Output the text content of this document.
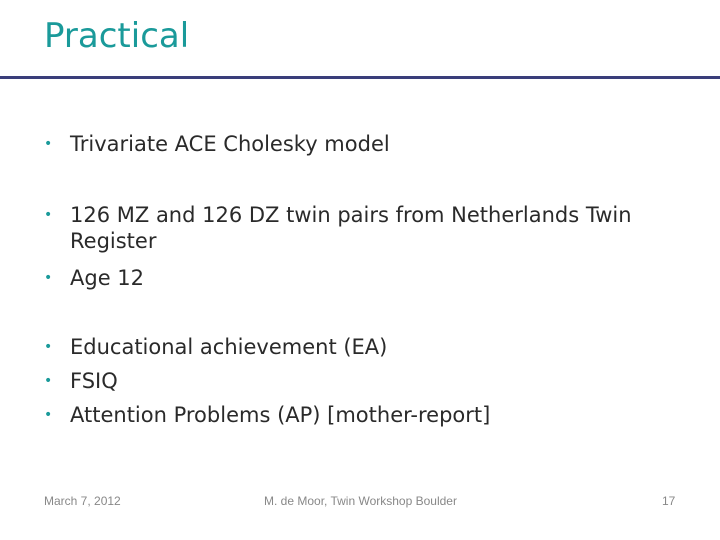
Practical
• Trivariate ACE Cholesky model
• 126 MZ and 126 DZ twin pairs from Netherlands Twin Register
• Age 12
• Educational achievement (EA)
• FSIQ
• Attention Problems (AP) [mother-report]
March 7, 2012	M. de Moor, Twin Workshop Boulder	17
